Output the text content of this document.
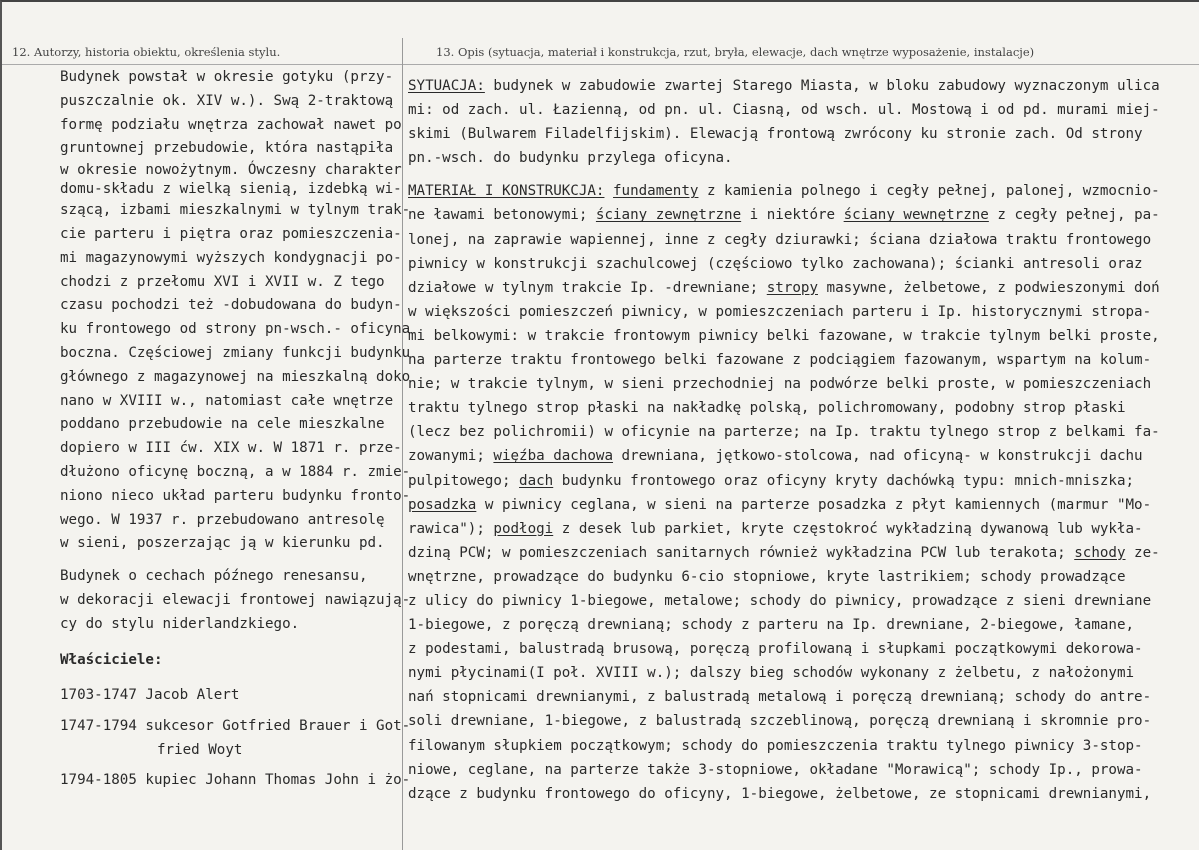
12. Autorzy, historia obiektu, określenia stylu.	13. Opis (sytuacja, materiał i konstrukcja, rzut, bryła, elewacje, dach wnętrze wyposażenie, instalacje)
Budynek powstał w okresie gotyku (przy-
puszczalnie ok. XIV w.). Swą 2-traktową
formę podziału wnętrza zachował nawet po
gruntownej przebudowie, która nastąpiła
w okresie nowożytnym. Ówczesny charakter
domu-składu z wielką sienią, izdebką wi-
szącą, izbami mieszkalnymi w tylnym trak-
cie parteru i piętra oraz pomieszczenia-
mi magazynowymi wyższych kondygnacji po-
chodzi z przełomu XVI i XVII w. Z tego
czasu pochodzi też -dobudowana do budyn-
ku frontowego od strony pn-wsch.- oficyna
boczna. Częściowej zmiany funkcji budynku
głównego z magazynowej na mieszkalną doko
nano w XVIII w., natomiast całe wnętrze
poddano przebudowie na cele mieszkalne
dopiero w III ćw. XIX w. W 1871 r. prze-
dłużono oficynę boczną, a w 1884 r. zmie-
niono nieco układ parteru budynku fronto-
wego. W 1937 r. przebudowano antresolę
w sieni, poszerzając ją w kierunku pd.
Budynek o cechach późnego renesansu,
w dekoracji elewacji frontowej nawiązują-
cy do stylu niderlandzkiego.
Właściciele:
1703-1747 Jacob Alert
1747-1794 sukcesor Gotfried Brauer i Got-
fried Woyt
1794-1805 kupiec Johann Thomas John i żo-
SYTUACJA: budynek w zabudowie zwartej Starego Miasta, w bloku zabudowy wyznaczonym ulica
mi: od zach. ul. Łazienną, od pn. ul. Ciasną, od wsch. ul. Mostową i od pd. murami miej-
skimi (Bulwarem Filadelfijskim). Elewacją frontową zwrócony ku stronie zach. Od strony
pn.-wsch. do budynku przylega oficyna.
MATERIAŁ I KONSTRUKCJA: fundamenty z kamienia polnego i cegły pełnej, palonej, wzmocnio-
ne ławami betonowymi; ściany zewnętrzne i niektóre ściany wewnętrzne z cegły pełnej, pa-
lonej, na zaprawie wapiennej, inne z cegły dziurawki; ściana działowa traktu frontowego
piwnicy w konstrukcji szachulcowej (częściowo tylko zachowana); ścianki antresoli oraz
działowe w tylnym trakcie Ip. -drewniane; stropy masywne, żelbetowe, z podwieszonymi doń
w większości pomieszczeń piwnicy, w pomieszczeniach parteru i Ip. historycznymi stropa-
mi belkowymi: w trakcie frontowym piwnicy belki fazowane, w trakcie tylnym belki proste,
na parterze traktu frontowego belki fazowane z podciągiem fazowanym, wspartym na kolum-
nie; w trakcie tylnym, w sieni przechodniej na podwórze belki proste, w pomieszczeniach
traktu tylnego strop płaski na nakładkę polską, polichromowany, podobny strop płaski
(lecz bez polichromii) w oficynie na parterze; na Ip. traktu tylnego strop z belkami fa-
zowanymi; więźba dachowa drewniana, jętkowo-stolcowa, nad oficyną- w konstrukcji dachu
pulpitowego; dach budynku frontowego oraz oficyny kryty dachówką typu: mnich-mniszka;
posadzka w piwnicy ceglana, w sieni na parterze posadzka z płyt kamiennych (marmur "Mo-
rawica"); podłogi z desek lub parkiet, kryte częstokroć wykładziną dywanową lub wykła-
dziną PCW; w pomieszczeniach sanitarnych również wykładzina PCW lub terakota; schody ze-
wnętrzne, prowadzące do budynku 6-cio stopniowe, kryte lastrikiem; schody prowadzące
z ulicy do piwnicy 1-biegowe, metalowe; schody do piwnicy, prowadzące z sieni drewniane
1-biegowe, z poręczą drewnianą; schody z parteru na Ip. drewniane, 2-biegowe, łamane,
z podestami, balustradą brusową, poręczą profilowaną i słupkami początkowymi dekorowa-
nymi płycinami(I poł. XVIII w.); dalszy bieg schodów wykonany z żelbetu, z nałożonymi
nań stopnicami drewnianymi, z balustradą metalową i poręczą drewnianą; schody do antre-
soli drewniane, 1-biegowe, z balustradą szczeblinową, poręczą drewnianą i skromnie pro-
filowanym słupkiem początkowym; schody do pomieszczenia traktu tylnego piwnicy 3-stop-
niowe, ceglane, na parterze także 3-stopniowe, okładane "Morawicą"; schody Ip., prowa-
dzące z budynku frontowego do oficyny, 1-biegowe, żelbetowe, ze stopnicami drewnianymi,
